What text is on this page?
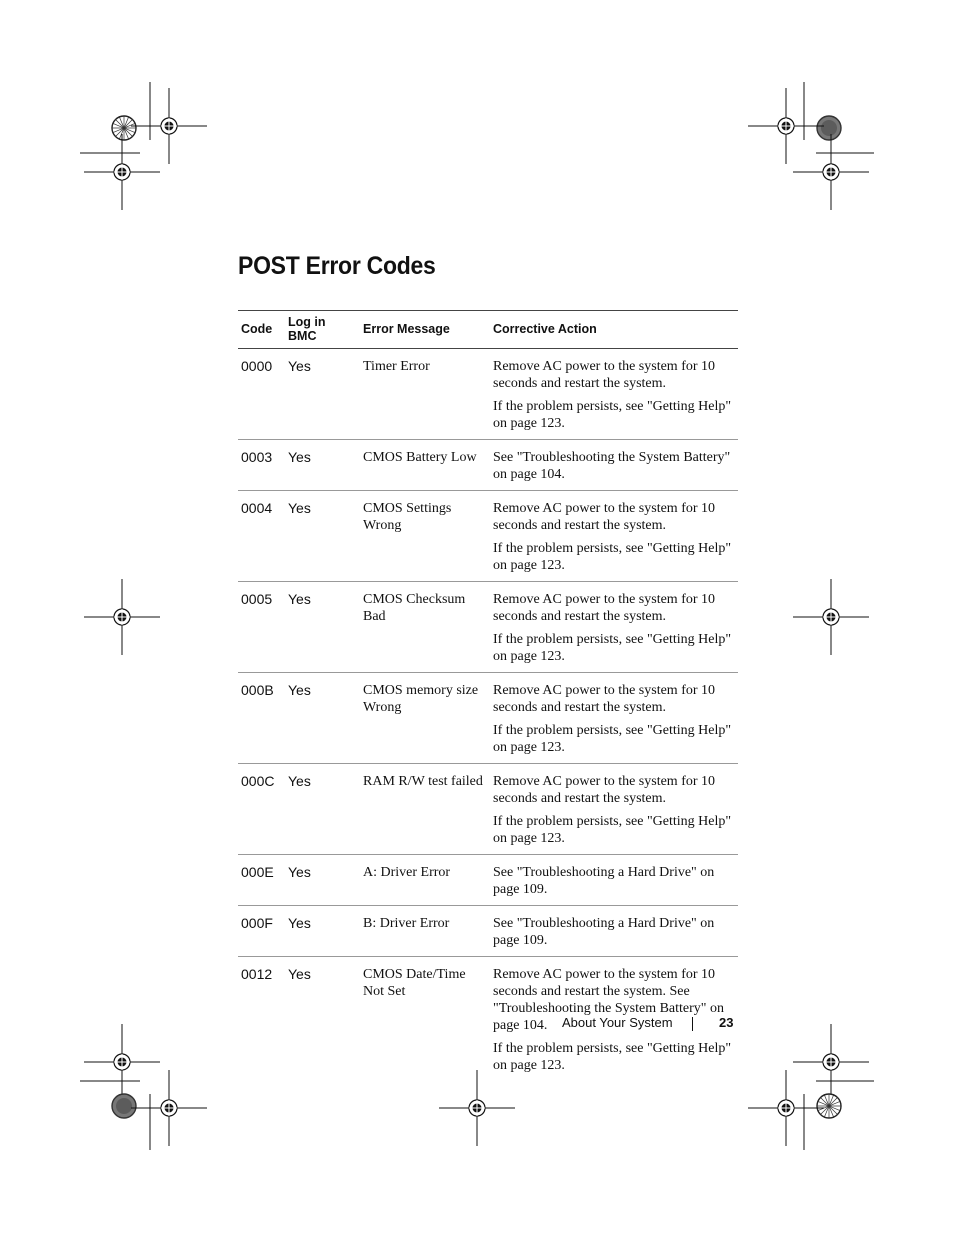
POST Error Codes
Code	Log in BMC	Error Message	Corrective Action
0000	Yes	Timer Error	Remove AC power to the system for 10 seconds and restart the system.

If the problem persists, see "Getting Help" on page 123.

0003	Yes	CMOS Battery Low	See "Troubleshooting the System Battery" on page 104.

0004	Yes	CMOS Settings Wrong	Remove AC power to the system for 10 seconds and restart the system.

If the problem persists, see "Getting Help" on page 123.

0005	Yes	CMOS Checksum Bad	Remove AC power to the system for 10 seconds and restart the system.

If the problem persists, see "Getting Help" on page 123.

000B	Yes	CMOS memory size Wrong	Remove AC power to the system for 10 seconds and restart the system.

If the problem persists, see "Getting Help" on page 123.

000C	Yes	RAM R/W test failed	Remove AC power to the system for 10 seconds and restart the system.

If the problem persists, see "Getting Help" on page 123.

000E	Yes	A: Driver Error	See "Troubleshooting a Hard Drive" on page 109.

000F	Yes	B: Driver Error	See "Troubleshooting a Hard Drive" on page 109.

0012	Yes	CMOS Date/Time Not Set	Remove AC power to the system for 10 seconds and restart the system. See "Troubleshooting the System Battery" on page 104.

If the problem persists, see "Getting Help" on page 123.

About Your System	23
